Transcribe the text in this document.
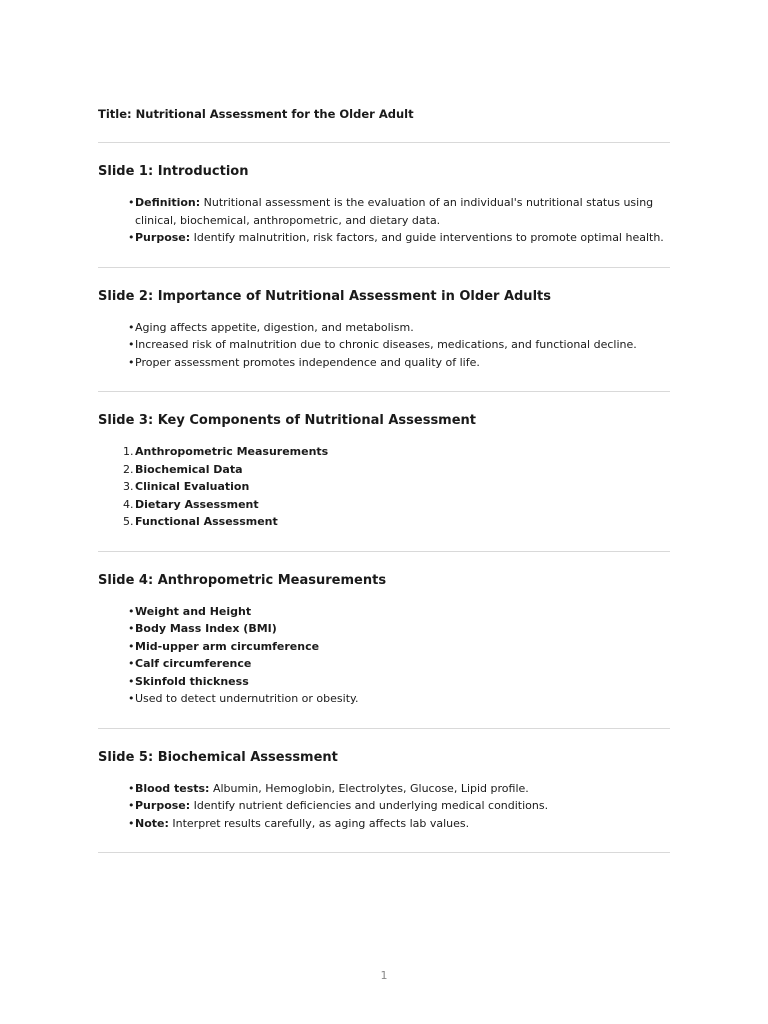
Title: Nutritional Assessment for the Older Adult

Slide 1: Introduction
• Definition: Nutritional assessment is the evaluation of an individual's nutritional status using clinical, biochemical, anthropometric, and dietary data.
• Purpose: Identify malnutrition, risk factors, and guide interventions to promote optimal health.
Slide 2: Importance of Nutritional Assessment in Older Adults
• Aging affects appetite, digestion, and metabolism.
• Increased risk of malnutrition due to chronic diseases, medications, and functional decline.
• Proper assessment promotes independence and quality of life.
Slide 3: Key Components of Nutritional Assessment
1. Anthropometric Measurements
2. Biochemical Data
3. Clinical Evaluation
4. Dietary Assessment
5. Functional Assessment
Slide 4: Anthropometric Measurements
• Weight and Height
• Body Mass Index (BMI)
• Mid-upper arm circumference
• Calf circumference
• Skinfold thickness
• Used to detect undernutrition or obesity.
Slide 5: Biochemical Assessment
• Blood tests: Albumin, Hemoglobin, Electrolytes, Glucose, Lipid profile.
• Purpose: Identify nutrient deficiencies and underlying medical conditions.
• Note: Interpret results carefully, as aging affects lab values.
1
